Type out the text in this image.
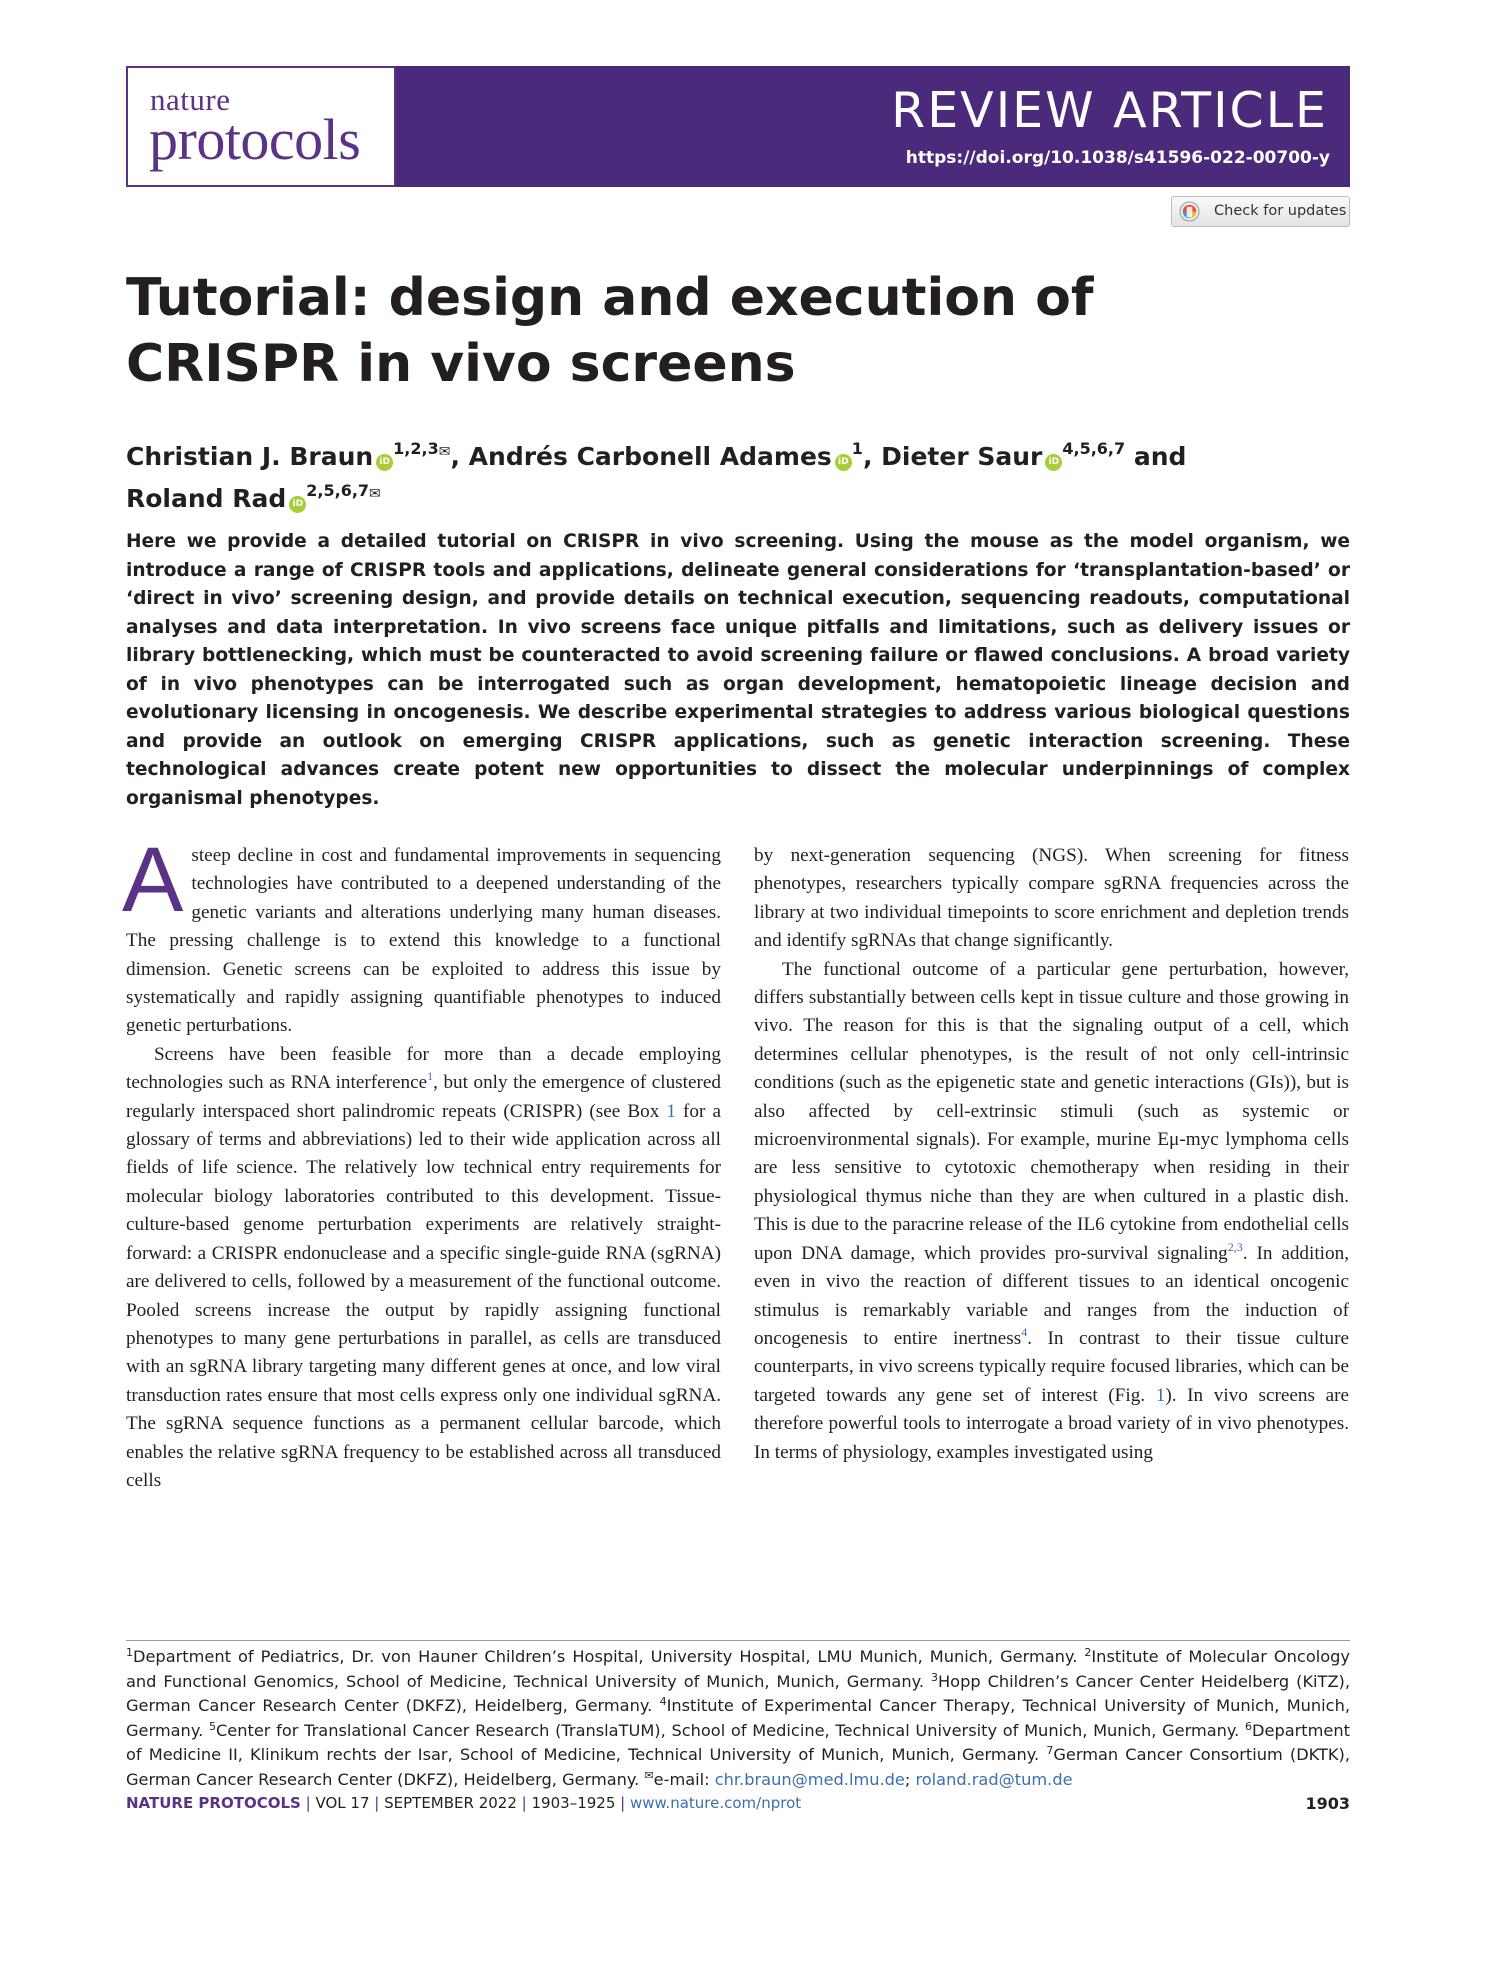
nature
protocols	REVIEW ARTICLE
https://doi.org/10.1038/s41596-022-00700-y
Check for updates
Tutorial: design and execution of CRISPR in vivo screens
Christian J. Braun iD$^{1,2,3✉}$, Andrés Carbonell Adames iD$^1$, Dieter Saur iD$^{4,5,6,7}$ and
Roland Rad iD$^{2,5,6,7✉}$

Here we provide a detailed tutorial on CRISPR in vivo screening. Using the mouse as the model organism, we introduce a range of CRISPR tools and applications, delineate general considerations for ‘transplantation-based’ or ‘direct in vivo’ screening design, and provide details on technical execution, sequencing readouts, computational analyses and data interpretation. In vivo screens face unique pitfalls and limitations, such as delivery issues or library bottlenecking, which must be counteracted to avoid screening failure or flawed conclusions. A broad variety of in vivo phenotypes can be interrogated such as organ development, hematopoietic lineage decision and evolutionary licensing in oncogenesis. We describe experimental strategies to address various biological questions and provide an outlook on emerging CRISPR applications, such as genetic interaction screening. These technological advances create potent new opportunities to dissect the molecular underpinnings of complex organismal phenotypes.

A steep decline in cost and fundamental improvements in sequencing technologies have contributed to a deepened understanding of the genetic variants and alterations underlying many human diseases. The pressing challenge is to extend this knowledge to a functional dimension. Genetic screens can be exploited to address this issue by systematically and rapidly assigning quantifiable phenotypes to induced genetic perturbations.

Screens have been feasible for more than a decade employing technologies such as RNA interference$^1$, but only the emergence of clustered regularly interspaced short palindromic repeats (CRISPR) (see Box 1 for a glossary of terms and abbreviations) led to their wide application across all fields of life science. The relatively low technical entry requirements for molecular biology laboratories contributed to this development. Tissue-culture-based genome perturbation experiments are relatively straight-forward: a CRISPR endonuclease and a specific single-guide RNA (sgRNA) are delivered to cells, followed by a measurement of the functional outcome. Pooled screens increase the output by rapidly assigning functional phenotypes to many gene perturbations in parallel, as cells are transduced with an sgRNA library targeting many different genes at once, and low viral transduction rates ensure that most cells express only one individual sgRNA. The sgRNA sequence functions as a permanent cellular barcode, which enables the relative sgRNA frequency to be established across all transduced cells

by next-generation sequencing (NGS). When screening for fitness phenotypes, researchers typically compare sgRNA frequencies across the library at two individual timepoints to score enrichment and depletion trends and identify sgRNAs that change significantly.

The functional outcome of a particular gene perturbation, however, differs substantially between cells kept in tissue culture and those growing in vivo. The reason for this is that the signaling output of a cell, which determines cellular phenotypes, is the result of not only cell-intrinsic conditions (such as the epigenetic state and genetic interactions (GIs)), but is also affected by cell-extrinsic stimuli (such as systemic or microenvironmental signals). For example, murine Eμ-myc lymphoma cells are less sensitive to cytotoxic chemotherapy when residing in their physiological thymus niche than they are when cultured in a plastic dish. This is due to the paracrine release of the IL6 cytokine from endothelial cells upon DNA damage, which provides pro-survival signaling$^{2,3}$. In addition, even in vivo the reaction of different tissues to an identical oncogenic stimulus is remarkably variable and ranges from the induction of oncogenesis to entire inertness$^4$. In contrast to their tissue culture counterparts, in vivo screens typically require focused libraries, which can be targeted towards any gene set of interest (Fig. 1). In vivo screens are therefore powerful tools to interrogate a broad variety of in vivo phenotypes. In terms of physiology, examples investigated using

$^1$Department of Pediatrics, Dr. von Hauner Children’s Hospital, University Hospital, LMU Munich, Munich, Germany. $^2$Institute of Molecular Oncology and Functional Genomics, School of Medicine, Technical University of Munich, Munich, Germany. $^3$Hopp Children’s Cancer Center Heidelberg (KiTZ), German Cancer Research Center (DKFZ), Heidelberg, Germany. $^4$Institute of Experimental Cancer Therapy, Technical University of Munich, Munich, Germany. $^5$Center for Translational Cancer Research (TranslaTUM), School of Medicine, Technical University of Munich, Munich, Germany. $^6$Department of Medicine II, Klinikum rechts der Isar, School of Medicine, Technical University of Munich, Munich, Germany. $^7$German Cancer Consortium (DKTK), German Cancer Research Center (DKFZ), Heidelberg, Germany. ✉e-mail: chr.braun@med.lmu.de; roland.rad@tum.de

NATURE PROTOCOLS | VOL 17 | SEPTEMBER 2022 | 1903–1925 | www.nature.com/nprot	1903
